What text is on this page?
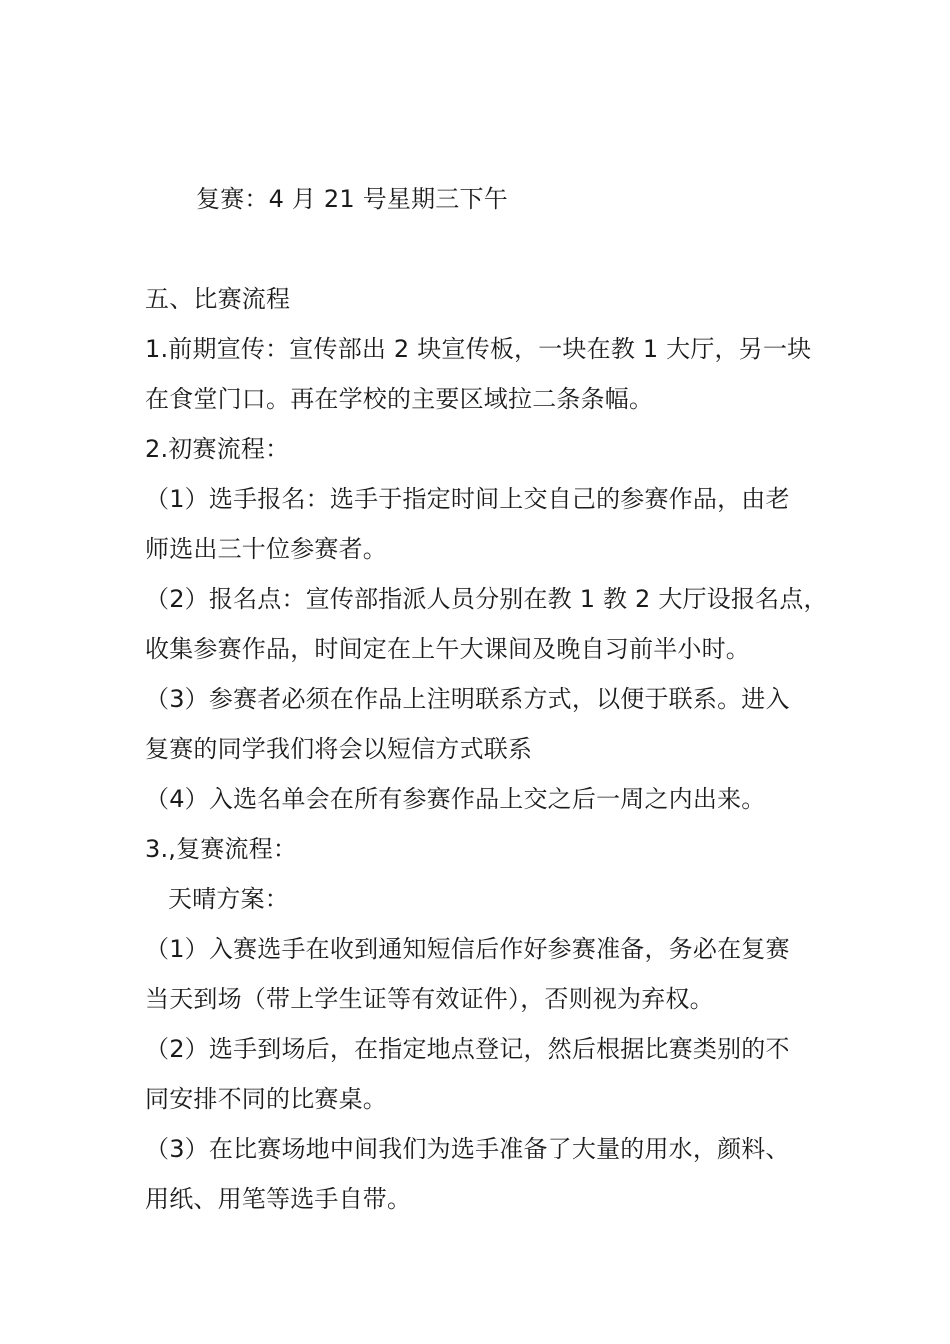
复赛：4 月 21 号星期三下午
五、比赛流程
1.前期宣传：宣传部出 2 块宣传板，一块在教 1 大厅，另一块
在食堂门口。再在学校的主要区域拉二条条幅。
2.初赛流程：
（1）选手报名：选手于指定时间上交自己的参赛作品，由老
师选出三十位参赛者。
（2）报名点：宣传部指派人员分别在教 1 教 2 大厅设报名点，
收集参赛作品，时间定在上午大课间及晚自习前半小时。
（3）参赛者必须在作品上注明联系方式，以便于联系。进入
复赛的同学我们将会以短信方式联系
（4）入选名单会在所有参赛作品上交之后一周之内出来。
3.,复赛流程：
天晴方案：
（1）入赛选手在收到通知短信后作好参赛准备，务必在复赛
当天到场（带上学生证等有效证件），否则视为弃权。
（2）选手到场后，在指定地点登记，然后根据比赛类别的不
同安排不同的比赛桌。
（3）在比赛场地中间我们为选手准备了大量的用水，颜料、
用纸、用笔等选手自带。
